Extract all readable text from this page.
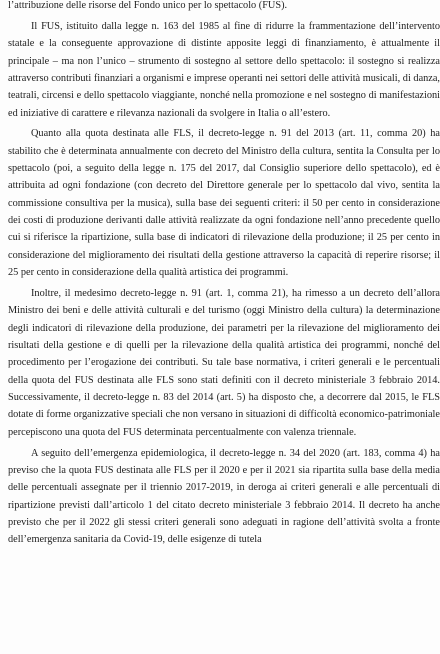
l’attribuzione delle risorse del Fondo unico per lo spettacolo (FUS).

Il FUS, istituito dalla legge n. 163 del 1985 al fine di ridurre la frammentazione dell’intervento statale e la conseguente approvazione di distinte apposite leggi di finanziamento, è attualmente il principale – ma non l’unico – strumento di sostegno al settore dello spettacolo: il sostegno si realizza attraverso contributi finanziari a organismi e imprese operanti nei settori delle attività musicali, di danza, teatrali, circensi e dello spettacolo viaggiante, nonché nella promozione e nel sostegno di manifestazioni ed iniziative di carattere e rilevanza nazionali da svolgere in Italia o all’estero.

Quanto alla quota destinata alle FLS, il decreto-legge n. 91 del 2013 (art. 11, comma 20) ha stabilito che è determinata annualmente con decreto del Ministro della cultura, sentita la Consulta per lo spettacolo (poi, a seguito della legge n. 175 del 2017, dal Consiglio superiore dello spettacolo), ed è attribuita ad ogni fondazione (con decreto del Direttore generale per lo spettacolo dal vivo, sentita la commissione consultiva per la musica), sulla base dei seguenti criteri: il 50 per cento in considerazione dei costi di produzione derivanti dalle attività realizzate da ogni fondazione nell’anno precedente quello cui si riferisce la ripartizione, sulla base di indicatori di rilevazione della produzione; il 25 per cento in considerazione del miglioramento dei risultati della gestione attraverso la capacità di reperire risorse; il 25 per cento in considerazione della qualità artistica dei programmi.

Inoltre, il medesimo decreto-legge n. 91 (art. 1, comma 21), ha rimesso a un decreto dell’allora Ministro dei beni e delle attività culturali e del turismo (oggi Ministro della cultura) la determinazione degli indicatori di rilevazione della produzione, dei parametri per la rilevazione del miglioramento dei risultati della gestione e di quelli per la rilevazione della qualità artistica dei programmi, nonché del procedimento per l’erogazione dei contributi. Su tale base normativa, i criteri generali e le percentuali della quota del FUS destinata alle FLS sono stati definiti con il decreto ministeriale 3 febbraio 2014. Successivamente, il decreto-legge n. 83 del 2014 (art. 5) ha disposto che, a decorrere dal 2015, le FLS dotate di forme organizzative speciali che non versano in situazioni di difficoltà economico-patrimoniale percepiscono una quota del FUS determinata percentualmente con valenza triennale.

A seguito dell’emergenza epidemiologica, il decreto-legge n. 34 del 2020 (art. 183, comma 4) ha previso che la quota FUS destinata alle FLS per il 2020 e per il 2021 sia ripartita sulla base della media delle percentuali assegnate per il triennio 2017-2019, in deroga ai criteri generali e alle percentuali di ripartizione previsti dall’articolo 1 del citato decreto ministeriale 3 febbraio 2014. Il decreto ha anche previsto che per il 2022 gli stessi criteri generali sono adeguati in ragione dell’attività svolta a fronte dell’emergenza sanitaria da Covid-19, delle esigenze di tutela
